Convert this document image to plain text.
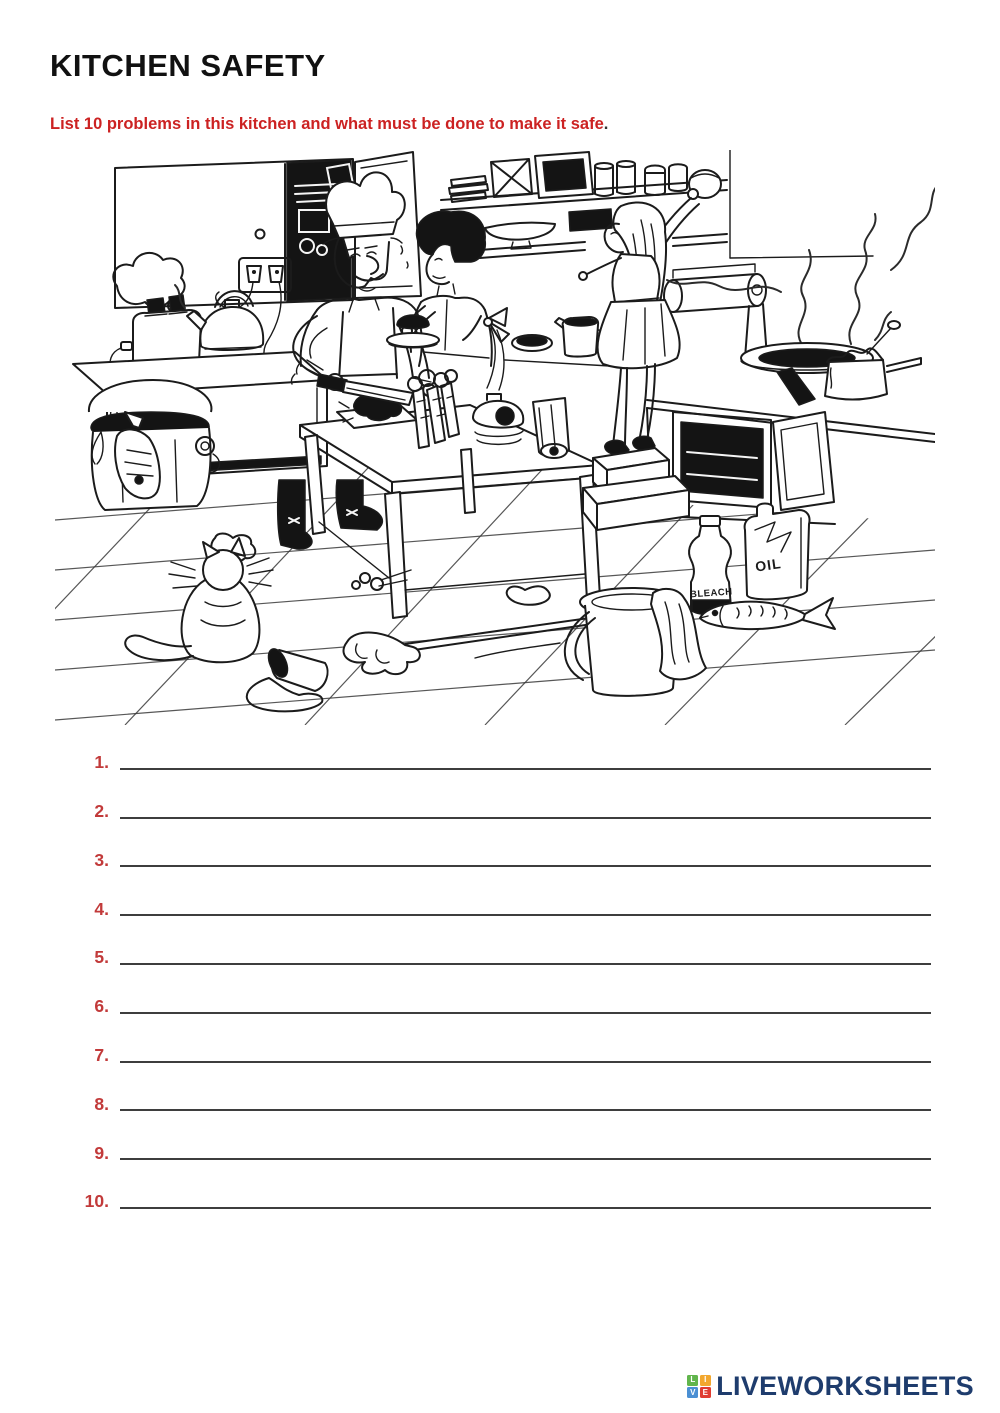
KITCHEN SAFETY
List 10 problems in this kitchen and what must be done to make it safe.
BLEACH
OIL
1.
2.
3.
4.
5.
6.
7.
8.
9.
10.
L	I
V E LIVEWORKSHEETS
